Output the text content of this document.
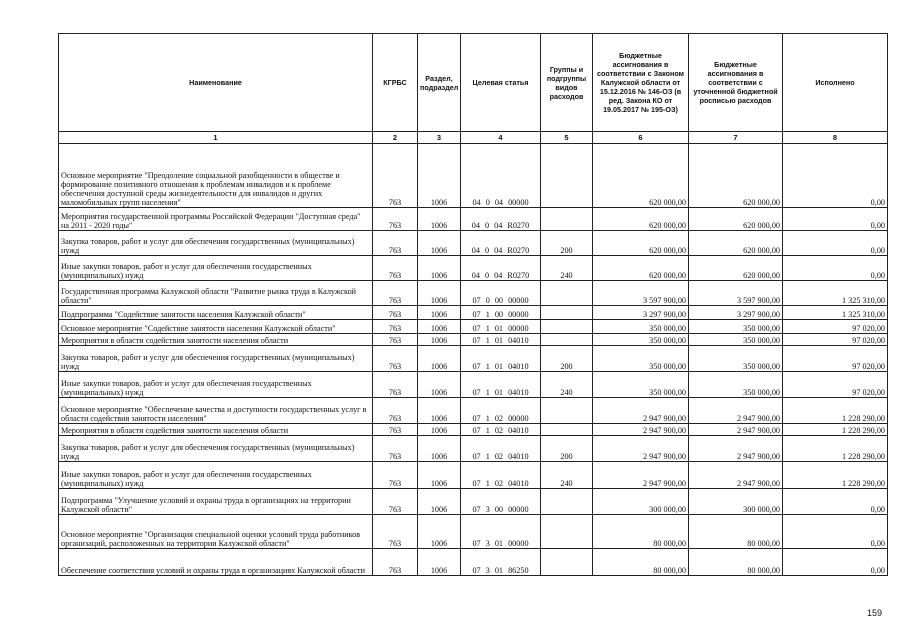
Наименование	КГРБС	Раздел, подраздел	Целевая статья	Группы и подгруппы видов расходов	Бюджетные ассигнования в соответствии с Законом Калужской области от 15.12.2016 № 146-ОЗ (в ред. Закона КО от 19.05.2017 № 195-ОЗ)	Бюджетные ассигнования в соответствии с уточненной бюджетной росписью расходов	Исполнено
1	2	3	4	5	6	7	8
Основное мероприятие "Преодоление социальной разобщенности в обществе и формирование позитивного отношения к проблемам инвалидов и к проблеме обеспечения доступной среды жизнедеятельности для инвалидов и других маломобильных групп населения"	763	1006	04 0 04 00000		620 000,00	620 000,00	0,00
Мероприятия государственной программы Российской Федерации "Доступная среда" на 2011 - 2020 годы"	763	1006	04 0 04 R0270		620 000,00	620 000,00	0,00
Закупка товаров, работ и услуг для обеспечения государственных (муниципальных) нужд	763	1006	04 0 04 R0270	200	620 000,00	620 000,00	0,00
Иные закупки товаров, работ и услуг для обеспечения государственных (муниципальных) нужд	763	1006	04 0 04 R0270	240	620 000,00	620 000,00	0,00
Государственная программа Калужской области "Развитие рынка труда в Калужской области"	763	1006	07 0 00 00000		3 597 900,00	3 597 900,00	1 325 310,00
Подпрограмма "Содействие занятости населения Калужской области"	763	1006	07 1 00 00000		3 297 900,00	3 297 900,00	1 325 310,00
Основное мероприятие "Содействие занятости населения Калужской области"	763	1006	07 1 01 00000		350 000,00	350 000,00	97 020,00
Мероприятия в области содействия занятости населения области	763	1006	07 1 01 04010		350 000,00	350 000,00	97 020,00
Закупка товаров, работ и услуг для обеспечения государственных (муниципальных) нужд	763	1006	07 1 01 04010	200	350 000,00	350 000,00	97 020,00
Иные закупки товаров, работ и услуг для обеспечения государственных (муниципальных) нужд	763	1006	07 1 01 04010	240	350 000,00	350 000,00	97 020,00
Основное мероприятие "Обеспечение качества и доступности государственных услуг в области содействия занятости населения"	763	1006	07 1 02 00000		2 947 900,00	2 947 900,00	1 228 290,00
Мероприятия в области содействия занятости населения области	763	1006	07 1 02 04010		2 947 900,00	2 947 900,00	1 228 290,00
Закупка товаров, работ и услуг для обеспечения государственных (муниципальных) нужд	763	1006	07 1 02 04010	200	2 947 900,00	2 947 900,00	1 228 290,00
Иные закупки товаров, работ и услуг для обеспечения государственных (муниципальных) нужд	763	1006	07 1 02 04010	240	2 947 900,00	2 947 900,00	1 228 290,00
Подпрограмма "Улучшение условий и охраны труда в организациях на территории Калужской области"	763	1006	07 3 00 00000		300 000,00	300 000,00	0,00
Основное мероприятие "Организация специальной оценки условий труда работников организаций, расположенных на территории Калужской области"	763	1006	07 3 01 00000		80 000,00	80 000,00	0,00
Обеспечение соответствия условий и охраны труда в организациях Калужской области	763	1006	07 3 01 86250		80 000,00	80 000,00	0,00
159
